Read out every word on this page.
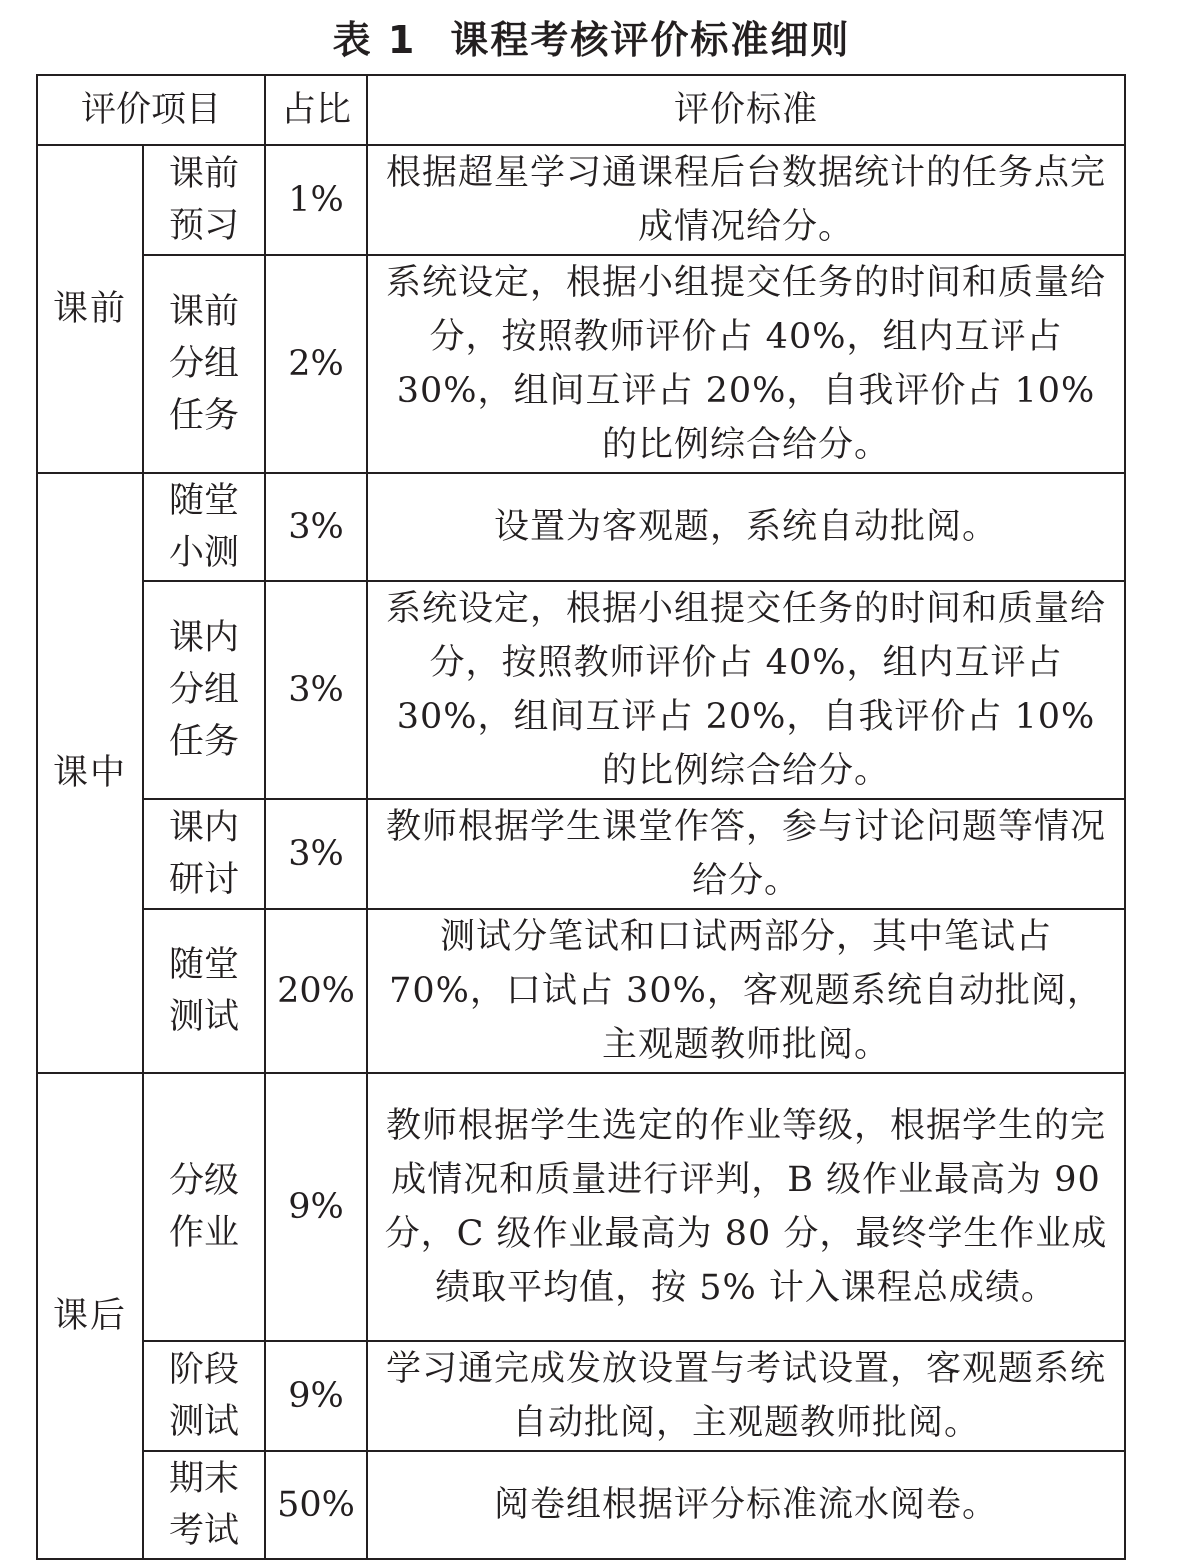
表 1 课程考核评价标准细则
评价项目		占比	评价标准
课前	课前预习	1%	根据超星学习通课程后台数据统计的任务点完成情况给分。
	课前分组任务	2%	系统设定，根据小组提交任务的时间和质量给分，按照教师评价占 40%，组内互评占 30%，组间互评占 20%，自我评价占 10% 的比例综合给分。
课中	随堂小测	3%	设置为客观题，系统自动批阅。
	课内分组任务	3%	系统设定，根据小组提交任务的时间和质量给分，按照教师评价占 40%，组内互评占 30%，组间互评占 20%，自我评价占 10% 的比例综合给分。
	课内研讨	3%	教师根据学生课堂作答，参与讨论问题等情况给分。
	随堂测试	20%	测试分笔试和口试两部分，其中笔试占 70%，口试占 30%，客观题系统自动批阅，主观题教师批阅。
课后	分级作业	9%	教师根据学生选定的作业等级，根据学生的完成情况和质量进行评判，B 级作业最高为 90 分，C 级作业最高为 80 分，最终学生作业成绩取平均值，按 5% 计入课程总成绩。
	阶段测试	9%	学习通完成发放设置与考试设置，客观题系统自动批阅，主观题教师批阅。
	期末考试	50%	阅卷组根据评分标准流水阅卷。
